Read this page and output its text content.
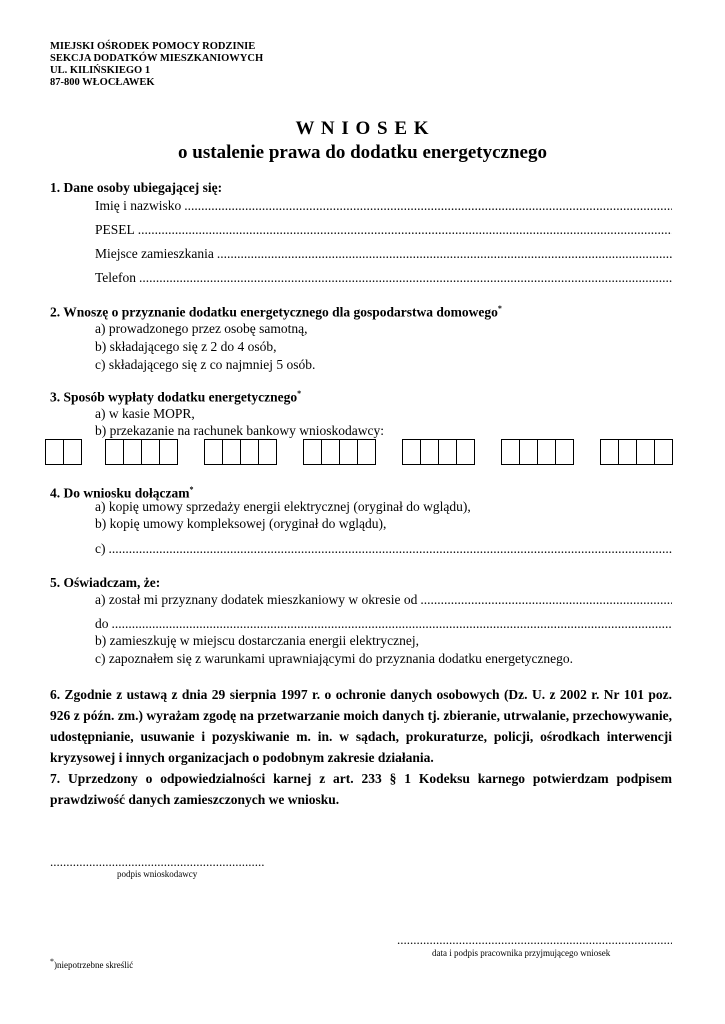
MIEJSKI OŚRODEK POMOCY RODZINIE
SEKCJA DODATKÓW MIESZKANIOWYCH
UL. KILIŃSKIEGO 1
87-800 WŁOCŁAWEK
W N I O S E K
o ustalenie prawa do dodatku energetycznego
1. Dane osoby ubiegającej się:
Imię i nazwisko
.....
PESEL
.....
Miejsce zamieszkania
.....
Telefon
.....
2. Wnoszę o przyznanie dodatku energetycznego dla gospodarstwa domowego*
a) prowadzonego przez osobę samotną,
b) składającego się z 2 do 4 osób,
c) składającego się z co najmniej 5 osób.
3. Sposób wypłaty dodatku energetycznego*
a) w kasie MOPR,
b) przekazanie na rachunek bankowy wnioskodawcy:
4. Do wniosku dołączam*
a) kopię umowy sprzedaży energii elektrycznej (oryginał do wglądu),
b) kopię umowy kompleksowej (oryginał do wglądu),
c)
.....
5. Oświadczam, że:
a) został mi przyznany dodatek mieszkaniowy w okresie od
.....
do
.....
b) zamieszkuję w miejscu dostarczania energii elektrycznej,
c) zapoznałem się z warunkami uprawniającymi do przyznania dodatku energetycznego.
6. Zgodnie z ustawą z dnia 29 sierpnia 1997 r. o ochronie danych osobowych (Dz. U. z 2002 r. Nr 101 poz. 926 z późn. zm.) wyrażam zgodę na przetwarzanie moich danych tj. zbieranie, utrwalanie, przechowywanie, udostępnianie, usuwanie i pozyskiwanie m. in. w sądach, prokuraturze, policji, ośrodkach interwencji kryzysowej i innych organizacjach o podobnym zakresie działania.
7. Uprzedzony o odpowiedzialności karnej z art. 233 § 1 Kodeksu karnego potwierdzam podpisem prawdziwość danych zamieszczonych we wniosku.
.....
podpis wnioskodawcy
.....
data i podpis pracownika przyjmującego wniosek
*)niepotrzebne skreślić
